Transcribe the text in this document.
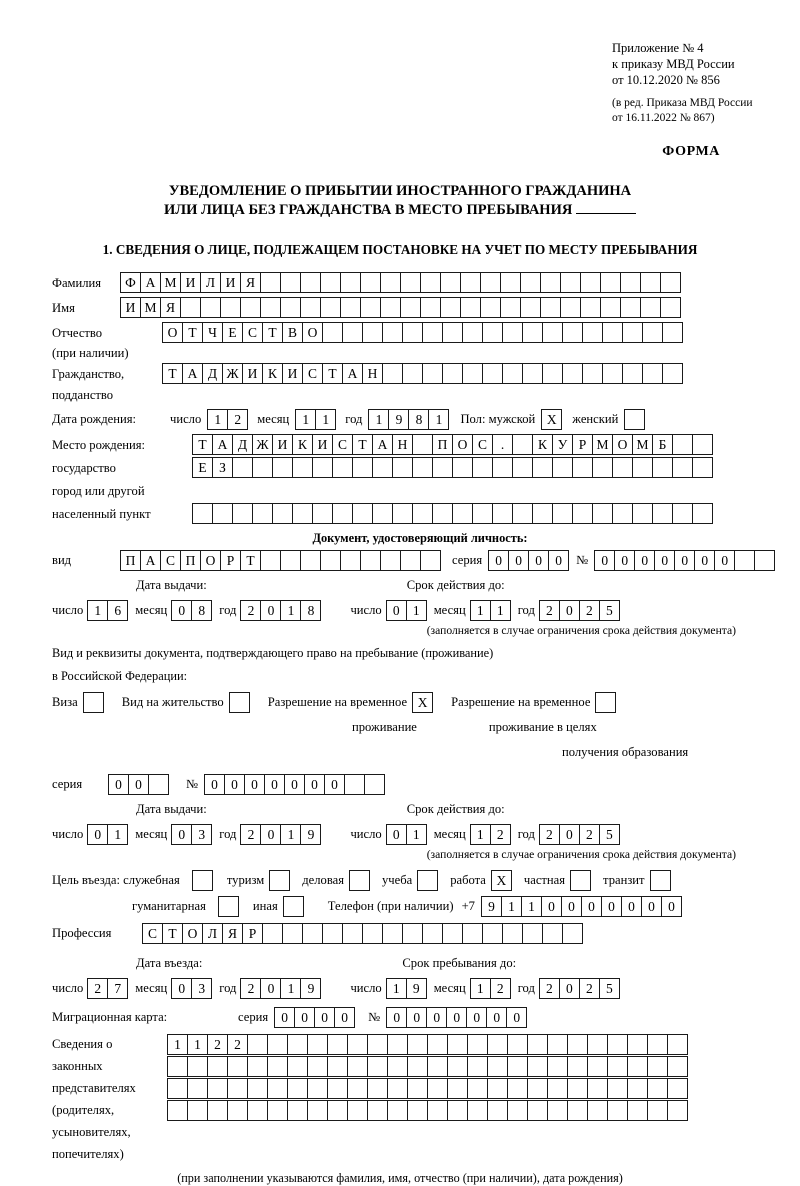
Приложение № 4
к приказу МВД России
от 10.12.2020 № 856
(в ред. Приказа МВД России
от 16.11.2022 № 867)
ФОРМА
УВЕДОМЛЕНИЕ О ПРИБЫТИИ ИНОСТРАННОГО ГРАЖДАНИНА
ИЛИ ЛИЦА БЕЗ ГРАЖДАНСТВА В МЕСТО ПРЕБЫВАНИЯ
1. СВЕДЕНИЯ О ЛИЦЕ, ПОДЛЕЖАЩЕМ ПОСТАНОВКЕ НА УЧЕТ ПО МЕСТУ ПРЕБЫВАНИЯ
Фамилия	Ф А М И Л И Я
Имя	И М Я
Отчество	О Т Ч Е С Т В О
(при наличии)
Гражданство,	Т А Д Ж И К И С Т А Н
подданство
Дата рождения:	число 1 2	месяц 1 1	год 1 9 8 1	Пол: мужской X	женский
Место рождения:	Т А Д Ж И К И С Т А Н	П О С	.	К У Р М О М Б
государство	Е З
город или другой
населенный пункт
Документ, удостоверяющий личность:
вид	П А С П О Р Т	серия 0 0 0 0	№ 0 0 0 0 0 0 0
Дата выдачи:	Срок действия до:
число 1 6	месяц 0 8	год 2 0 1 8	число 0 1	месяц 1 1	год 2 0 2 5
(заполняется в случае ограничения срока действия документа)
Вид и реквизиты документа, подтверждающего право на пребывание (проживание)
в Российской Федерации:
Виза	Вид на жительство	Разрешение на временное X	Разрешение на временное
проживание	проживание в целях
получения образования
серия	0 0	№ 0 0 0 0 0 0 0
Дата выдачи:	Срок действия до:
число 0 1	месяц 0 3	год 2 0 1 9	число 0 1	месяц 1 2	год 2 0 2 5
(заполняется в случае ограничения срока действия документа)
Цель въезда: служебная	туризм	деловая	учеба	работа X	частная	транзит
гуманитарная	иная	Телефон (при наличии) +7 9 1 1 0 0 0 0 0 0 0
Профессия	С Т О Л Я Р
Дата въезда:	Срок пребывания до:
число 2 7	месяц 0 3	год 2 0 1 9	число 1 9	месяц 1 2	год 2 0 2 5
Миграционная карта:	серия 0 0 0 0	№ 0 0 0 0 0 0 0
Сведения о	1 1 2 2
законных
представителях
(родителях,
усыновителях,
попечителях)
(при заполнении указываются фамилия, имя, отчество (при наличии), дата рождения)
